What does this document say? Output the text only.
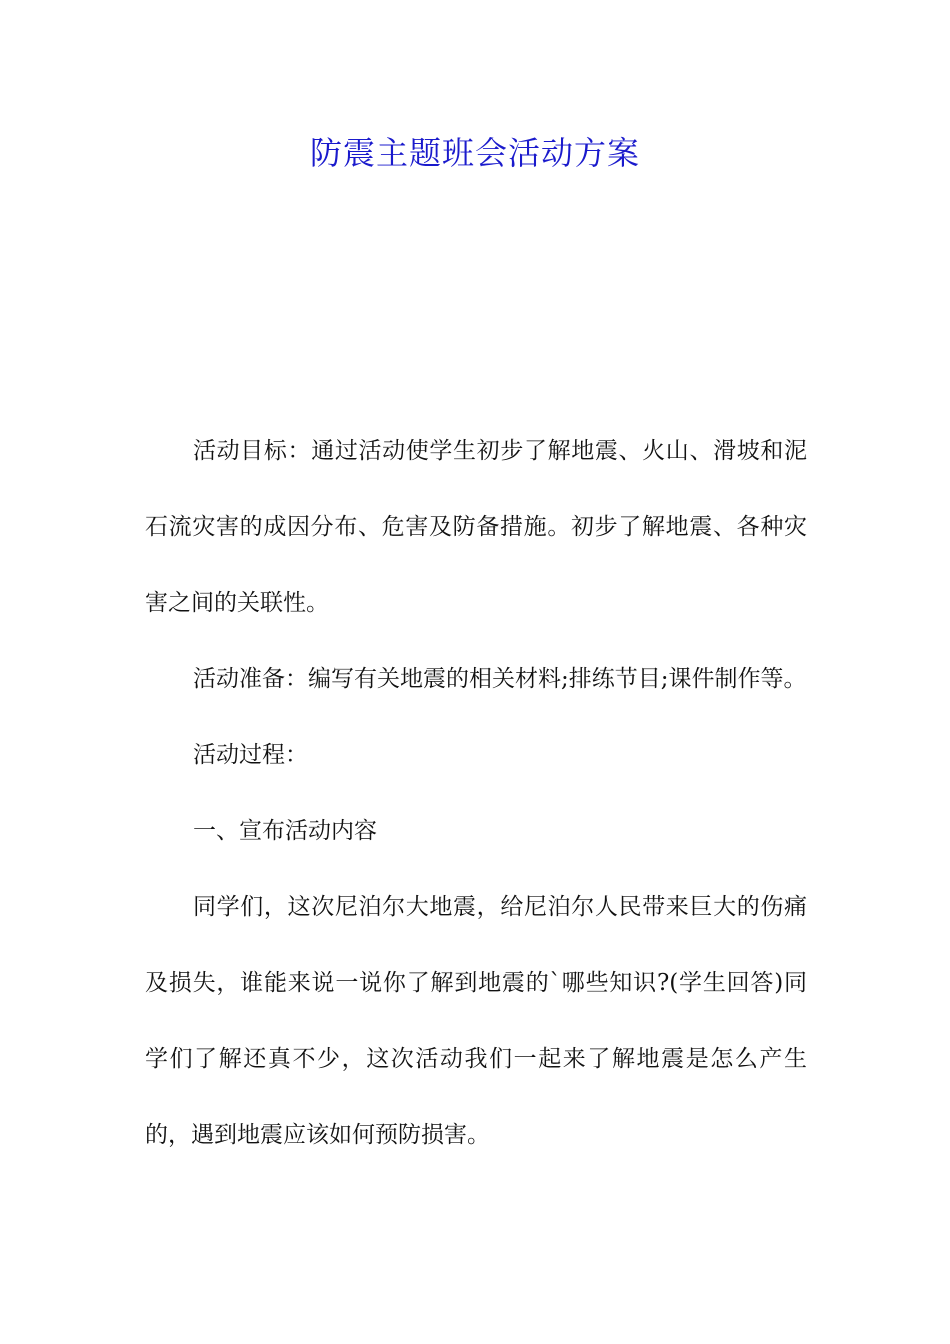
防震主题班会活动方案

活动目标：通过活动使学生初步了解地震、火山、滑坡和泥石流灾害的成因分布、危害及防备措施。初步了解地震、各种灾害之间的关联性。

活动准备：编写有关地震的相关材料;排练节目;课件制作等。

活动过程：

一、宣布活动内容

同学们，这次尼泊尔大地震，给尼泊尔人民带来巨大的伤痛及损失，谁能来说一说你了解到地震的`哪些知识?(学生回答)同学们了解还真不少，这次活动我们一起来了解地震是怎么产生的，遇到地震应该如何预防损害。
